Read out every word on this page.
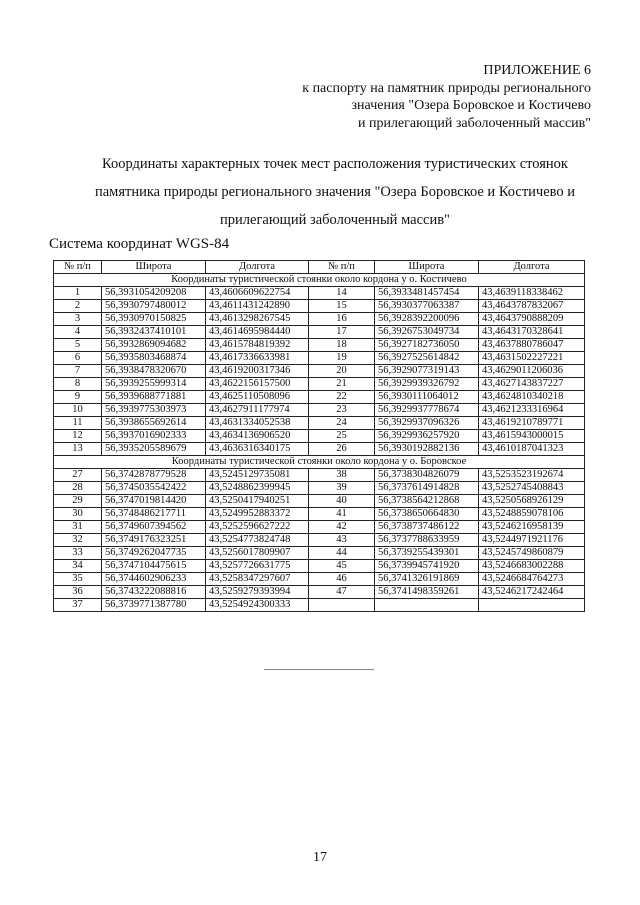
ПРИЛОЖЕНИЕ 6
к паспорту на памятник природы регионального
значения "Озера Боровское и Костичево
и прилегающий заболоченный массив"
Координаты характерных точек мест расположения туристических стоянок
памятника природы регионального значения "Озера Боровское и Костичево и
прилегающий заболоченный массив"
Система координат WGS-84
№ п/п	Широта	Долгота	№ п/п	Широта	Долгота
Координаты туристической стоянки около кордона у о. Костичево					
1	56,3931054209208	43,4606609622754	14	56,3933481457454	43,4639118338462
2	56,3930797480012	43,4611431242890	15	56,3930377063387	43,4643787832067
3	56,3930970150825	43,4613298267545	16	56,3928392200096	43,4643790888209
4	56,3932437410101	43,4614695984440	17	56,3926753049734	43,4643170328641
5	56,3932869094682	43,4615784819392	18	56,3927182736050	43,4637880786047
6	56,3935803468874	43,4617336633981	19	56,3927525614842	43,4631502227221
7	56,3938478320670	43,4619200317346	20	56,3929077319143	43,4629011206036
8	56,3939255999314	43,4622156157500	21	56,3929939326792	43,4627143837227
9	56,3939688771881	43,4625110508096	22	56,3930111064012	43,4624810340218
10	56,3939775303973	43,4627911177974	23	56,3929937778674	43,4621233316964
11	56,3938655692614	43,4631334052538	24	56,3929937096326	43,4619210789771
12	56,3937016902333	43,4634136906520	25	56,3929936257920	43,4615943000015
13	56,3935205589679	43,4636316340175	26	56,3930192882136	43,4610187041323
Координаты туристической стоянки около кордона у о. Боровское					
27	56,3742878779528	43,5245129735081	38	56,3738304826079	43,5253523192674
28	56,3745035542422	43,5248862399945	39	56,3737614914828	43,5252745408843
29	56,3747019814420	43,5250417940251	40	56,3738564212868	43,5250568926129
30	56,3748486217711	43,5249952883372	41	56,3738650664830	43,5248859078106
31	56,3749607394562	43,5252596627222	42	56,3738737486122	43,5246216958139
32	56,3749176323251	43,5254773824748	43	56,3737788633959	43,5244971921176
33	56,3749262047735	43,5256017809907	44	56,3739255439301	43,5245749860879
34	56,3747104475615	43,5257726631775	45	56,3739945741920	43,5246683002288
35	56,3744602906233	43,5258347297607	46	56,3741326191869	43,5246684764273
36	56,3743222088816	43,5259279393994	47	56,3741498359261	43,5246217242464
37	56,3739771387780	43,5254924300333			
17
